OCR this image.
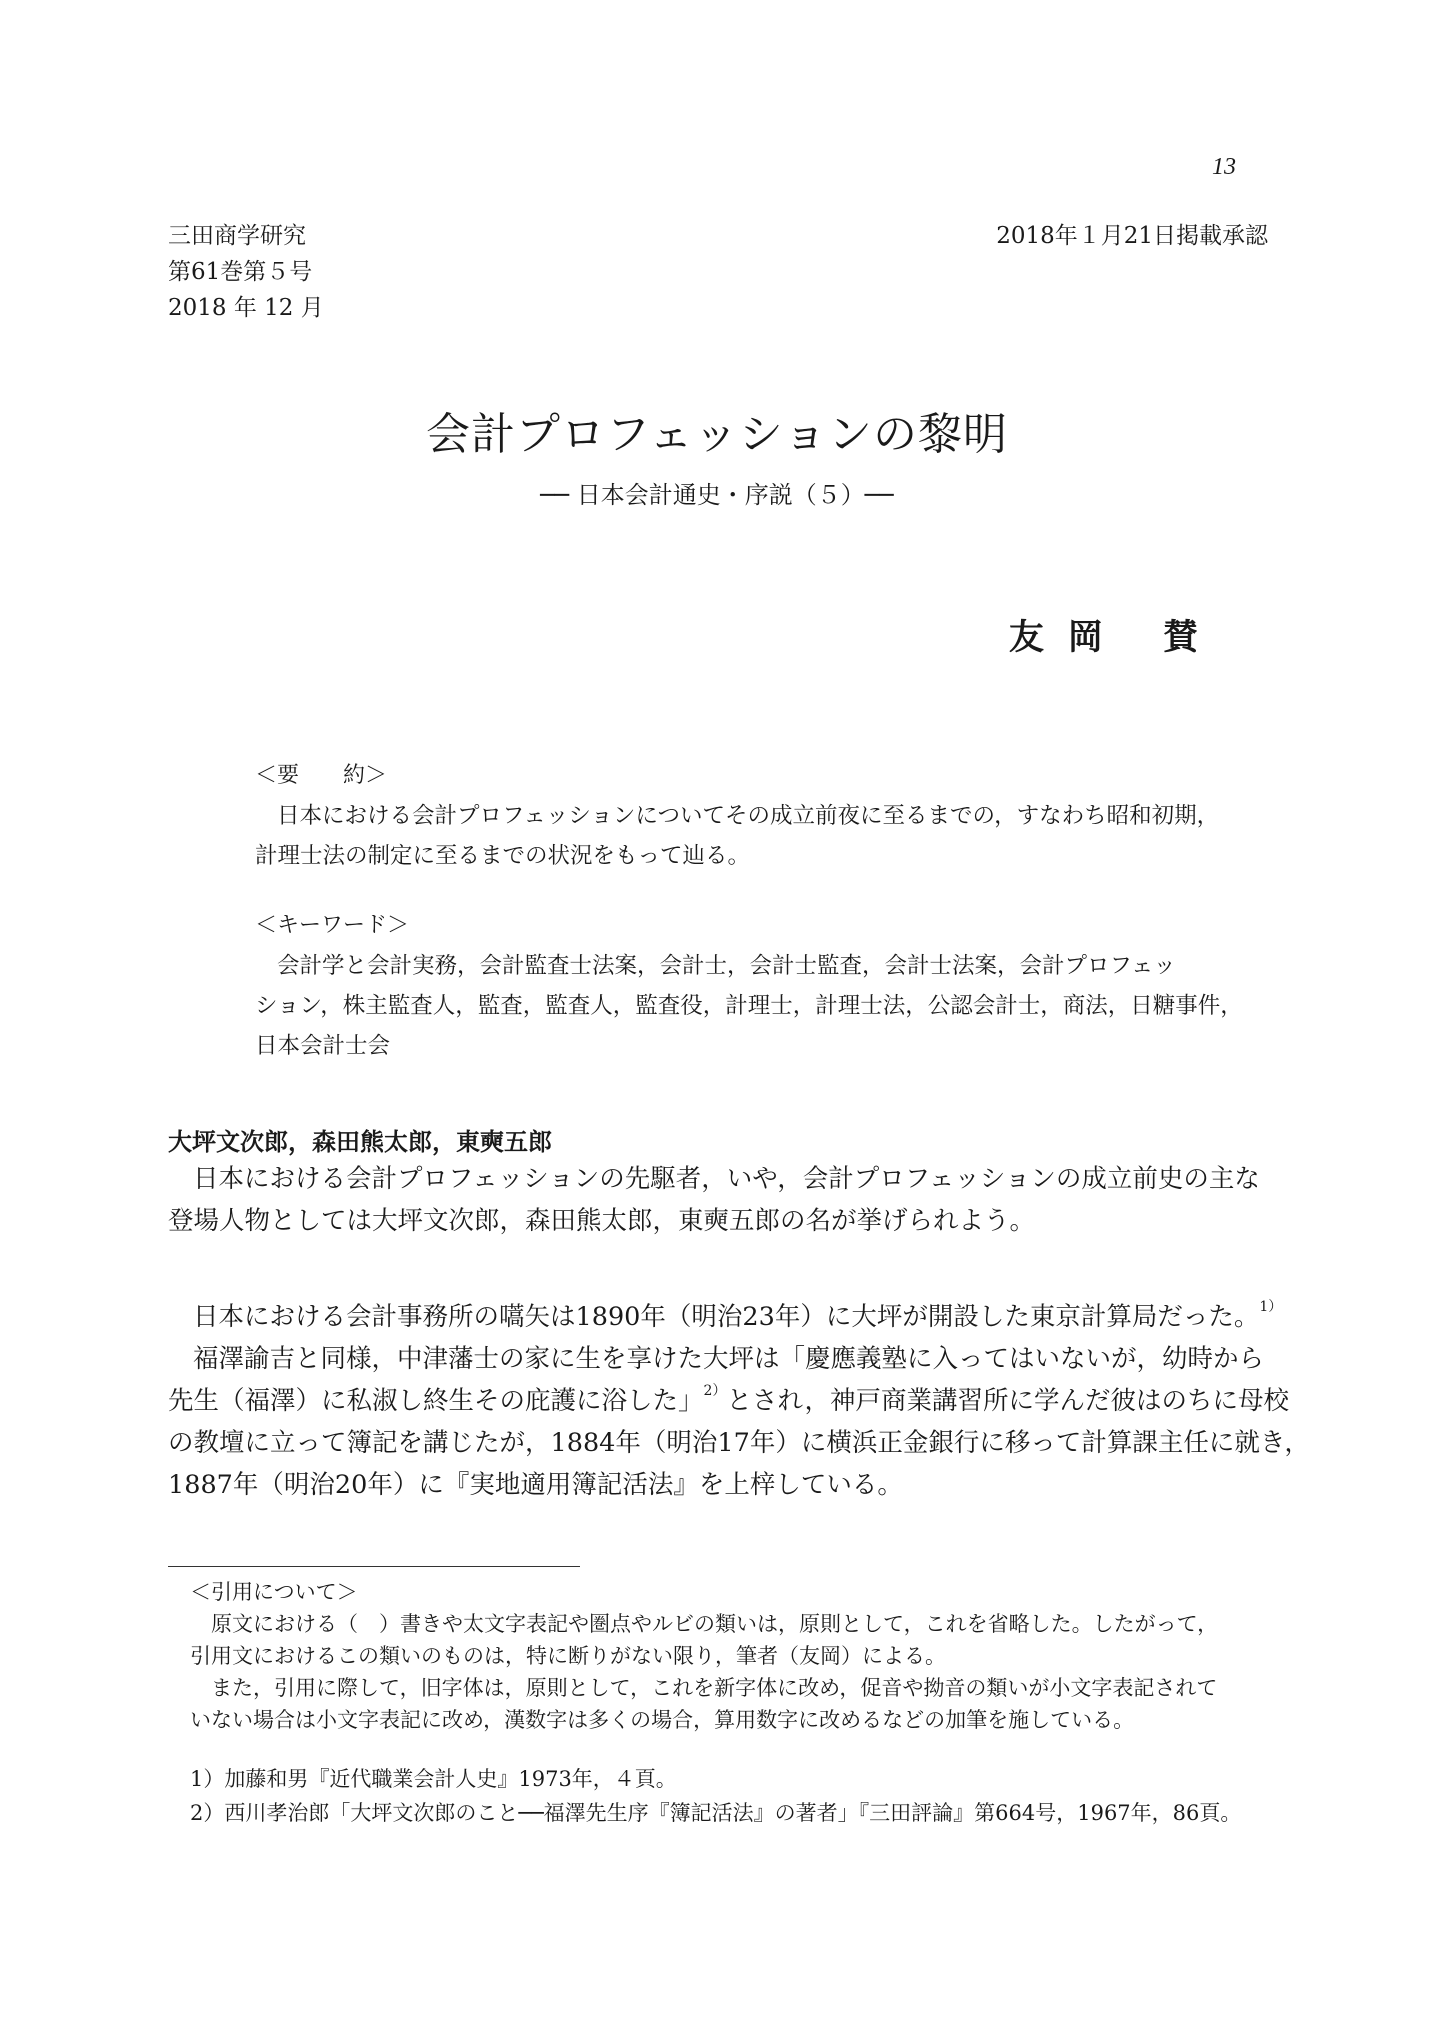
13
三田商学研究
第61巻第５号
2018 年 12 月
2018年１月21日掲載承認
会計プロフェッションの黎明
── 日本会計通史・序説（５）──
友岡 賛
＜要　　約＞
日本における会計プロフェッションについてその成立前夜に至るまでの，すなわち昭和初期，
計理士法の制定に至るまでの状況をもって辿る。
＜キーワード＞
会計学と会計実務，会計監査士法案，会計士，会計士監査，会計士法案，会計プロフェッ
ション，株主監査人，監査，監査人，監査役，計理士，計理士法，公認会計士，商法，日糖事件，
日本会計士会
大坪文次郎，森田熊太郎，東奭五郎
日本における会計プロフェッションの先駆者，いや，会計プロフェッションの成立前史の主な
登場人物としては大坪文次郎，森田熊太郎，東奭五郎の名が挙げられよう。
日本における会計事務所の嚆矢は1890年（明治23年）に大坪が開設した東京計算局だった。$^{1)}$
福澤諭吉と同様，中津藩士の家に生を享けた大坪は「慶應義塾に入ってはいないが，幼時から
先生（福澤）に私淑し終生その庇護に浴した」$^{2)}$とされ，神戸商業講習所に学んだ彼はのちに母校
の教壇に立って簿記を講じたが，1884年（明治17年）に横浜正金銀行に移って計算課主任に就き，
1887年（明治20年）に『実地適用簿記活法』を上梓している。
＜引用について＞
原文における（　）書きや太文字表記や圏点やルビの類いは，原則として，これを省略した。したがって，
引用文におけるこの類いのものは，特に断りがない限り，筆者（友岡）による。
また，引用に際して，旧字体は，原則として，これを新字体に改め，促音や拗音の類いが小文字表記されて
いない場合は小文字表記に改め，漢数字は多くの場合，算用数字に改めるなどの加筆を施している。
1）加藤和男『近代職業会計人史』1973年，４頁。
2）西川孝治郎「大坪文次郎のこと──福澤先生序『簿記活法』の著者」『三田評論』第664号，1967年，86頁。
